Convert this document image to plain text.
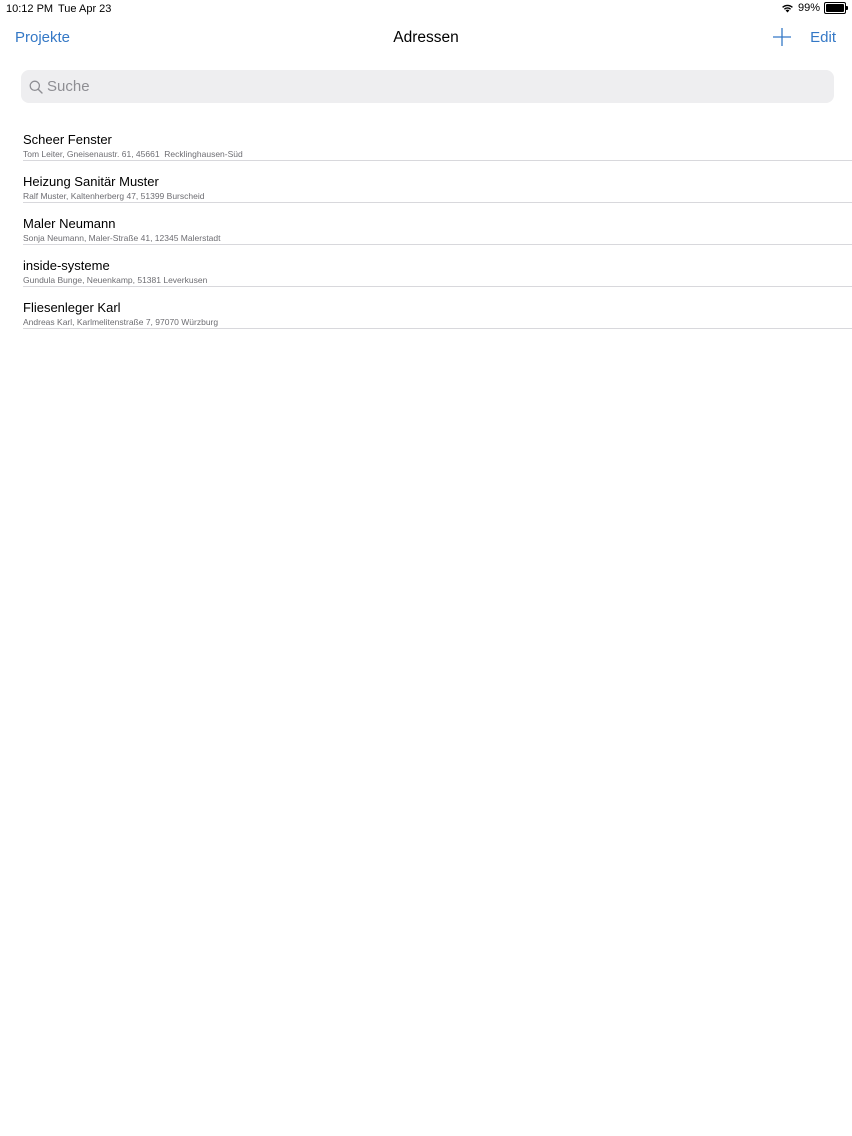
10:12 PM Tue Apr 23	99%
Projekte	Adressen	Edit
Suche
Scheer Fenster
Tom Leiter, Gneisenaustr. 61, 45661  Recklinghausen-Süd
Heizung Sanitär Muster
Ralf Muster, Kaltenherberg 47, 51399 Burscheid
Maler Neumann
Sonja Neumann, Maler-Straße 41, 12345 Malerstadt
inside-systeme
Gundula Bunge, Neuenkamp, 51381 Leverkusen
Fliesenleger Karl
Andreas Karl, Karlmelitenstraße 7, 97070 Würzburg
